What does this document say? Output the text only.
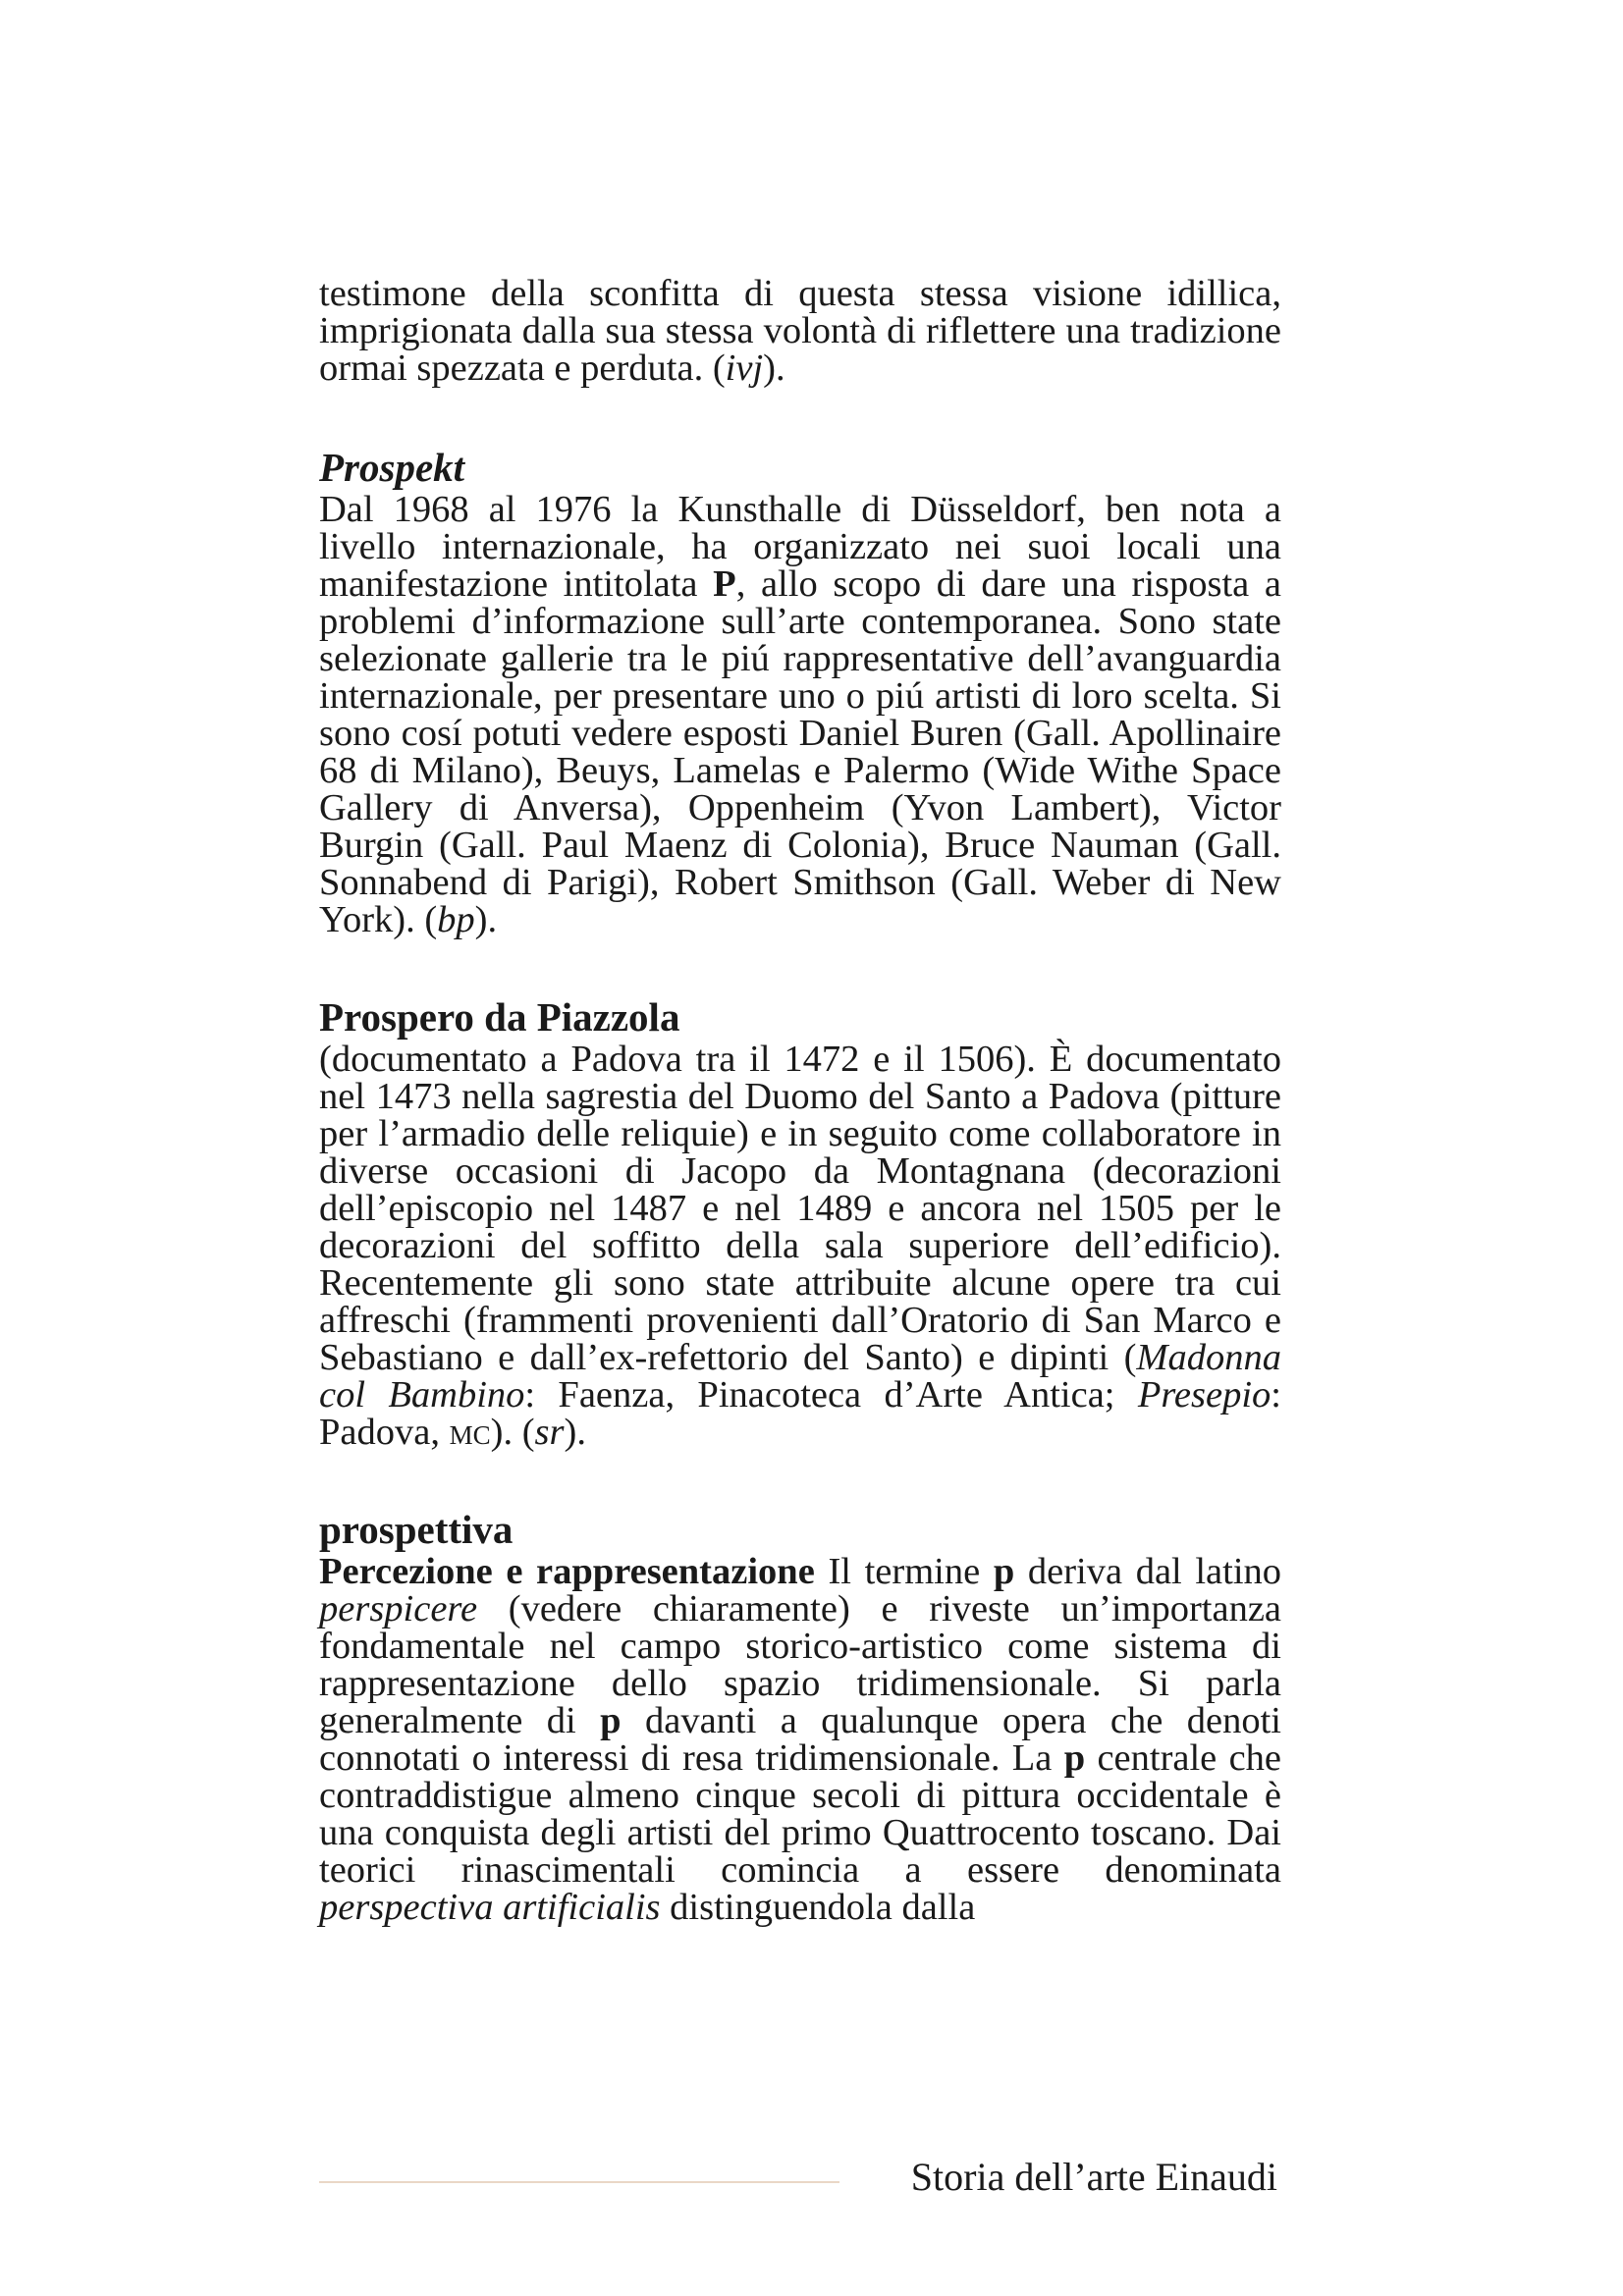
testimone della sconfitta di questa stessa visione idillica, imprigionata dalla sua stessa volontà di riflettere una tradizione ormai spezzata e perduta. (ivj).

Prospekt

Dal 1968 al 1976 la Kunsthalle di Düsseldorf, ben nota a livello internazionale, ha organizzato nei suoi locali una manifestazione intitolata P, allo scopo di dare una risposta a problemi d’informazione sull’arte contemporanea. Sono state selezionate gallerie tra le piú rappresentative dell’avanguardia internazionale, per presentare uno o piú artisti di loro scelta. Si sono cosí potuti vedere esposti Daniel Buren (Gall. Apollinaire 68 di Milano), Beuys, Lamelas e Palermo (Wide Withe Space Gallery di Anversa), Oppenheim (Yvon Lambert), Victor Burgin (Gall. Paul Maenz di Colonia), Bruce Nauman (Gall. Sonnabend di Parigi), Robert Smithson (Gall. Weber di New York). (bp).

Prospero da Piazzola

(documentato a Padova tra il 1472 e il 1506). È documentato nel 1473 nella sagrestia del Duomo del Santo a Padova (pitture per l’armadio delle reliquie) e in seguito come collaboratore in diverse occasioni di Jacopo da Montagnana (decorazioni dell’episcopio nel 1487 e nel 1489 e ancora nel 1505 per le decorazioni del soffitto della sala superiore dell’edificio). Recentemente gli sono state attribuite alcune opere tra cui affreschi (frammenti provenienti dall’Oratorio di San Marco e Sebastiano e dall’ex-refettorio del Santo) e dipinti (Madonna col Bambino: Faenza, Pinacoteca d’Arte Antica; Presepio: Padova, mc). (sr).

prospettiva

Percezione e rappresentazione Il termine p deriva dal latino perspicere (vedere chiaramente) e riveste un’importanza fondamentale nel campo storico-artistico come sistema di rappresentazione dello spazio tridimensionale. Si parla generalmente di p davanti a qualunque opera che denoti connotati o interessi di resa tridimensionale. La p centrale che contraddistigue almeno cinque secoli di pittura occidentale è una conquista degli artisti del primo Quattrocento toscano. Dai teorici rinascimentali comincia a essere denominata perspectiva artificialis distinguendola dalla

Storia dell’arte Einaudi
